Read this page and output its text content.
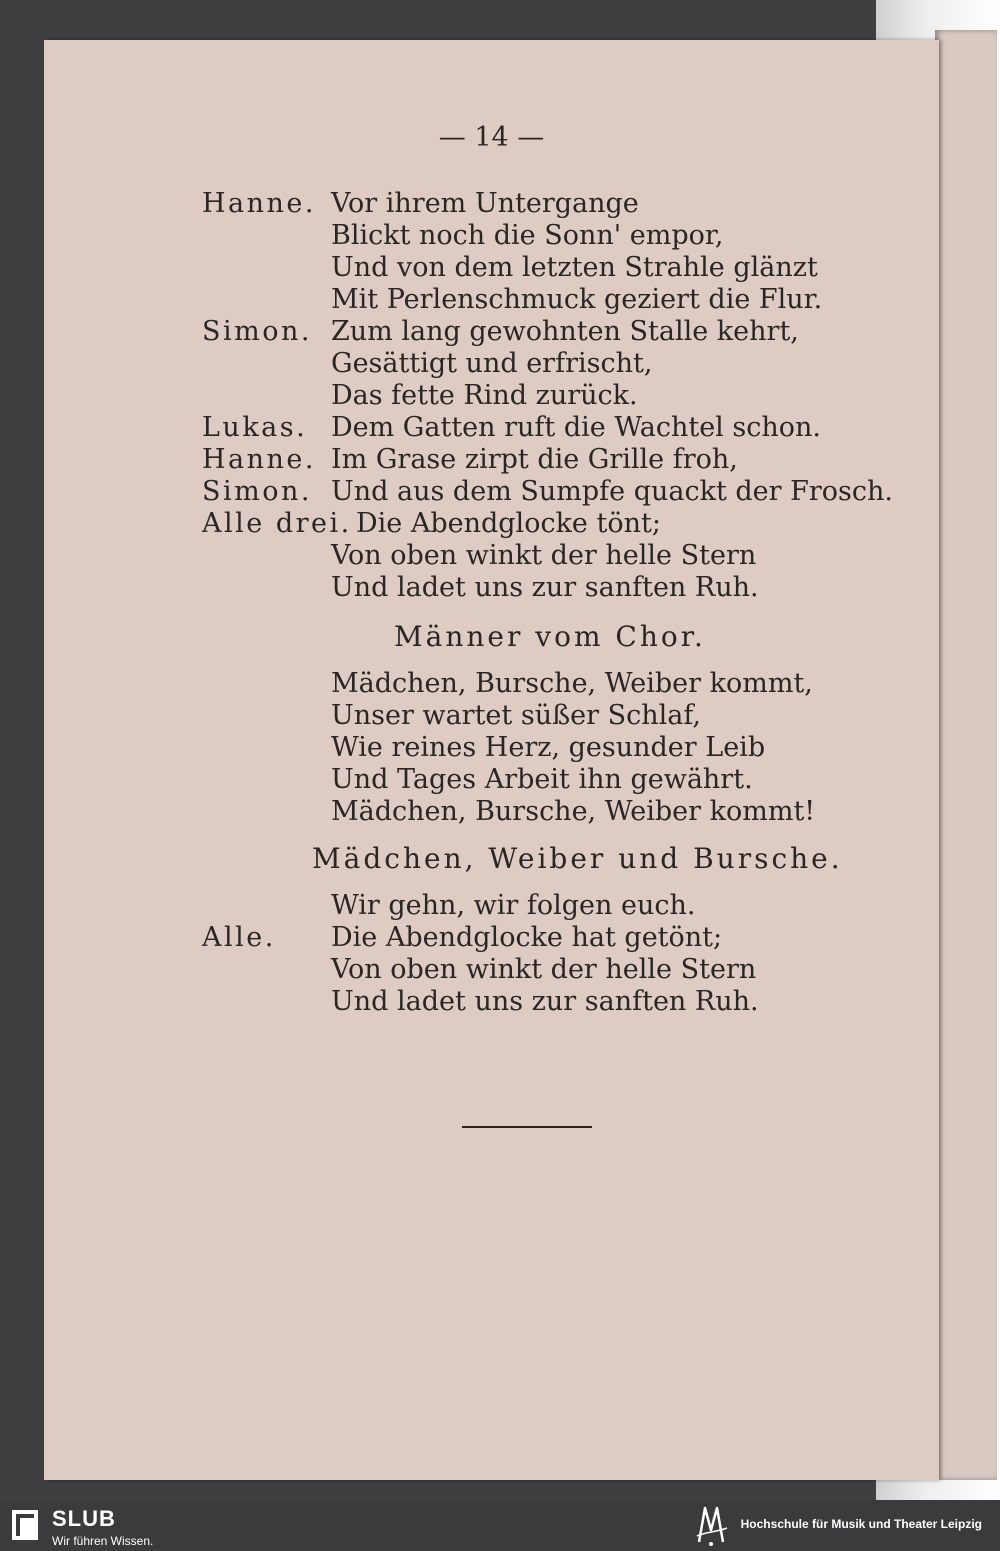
— 14 —
Hanne. Vor ihrem Untergange
Blickt noch die Sonn' empor,
Und von dem letzten Strahle glänzt
Mit Perlenschmuck geziert die Flur.
Simon. Zum lang gewohnten Stalle kehrt,
Gesättigt und erfrischt,
Das fette Rind zurück.
Lukas. Dem Gatten ruft die Wachtel schon.
Hanne. Im Grase zirpt die Grille froh,
Simon. Und aus dem Sumpfe quackt der Frosch.
Alle drei. Die Abendglocke tönt;
Von oben winkt der helle Stern
Und ladet uns zur sanften Ruh.
Männer vom Chor.
Mädchen, Bursche, Weiber kommt,
Unser wartet süßer Schlaf,
Wie reines Herz, gesunder Leib
Und Tages Arbeit ihn gewährt.
Mädchen, Bursche, Weiber kommt!
Mädchen, Weiber und Bursche.
Wir gehn, wir folgen euch.
Alle. Die Abendglocke hat getönt;
Von oben winkt der helle Stern
Und ladet uns zur sanften Ruh.
SLUB
Wir führen Wissen.
Hochschule für Musik und Theater Leipzig
